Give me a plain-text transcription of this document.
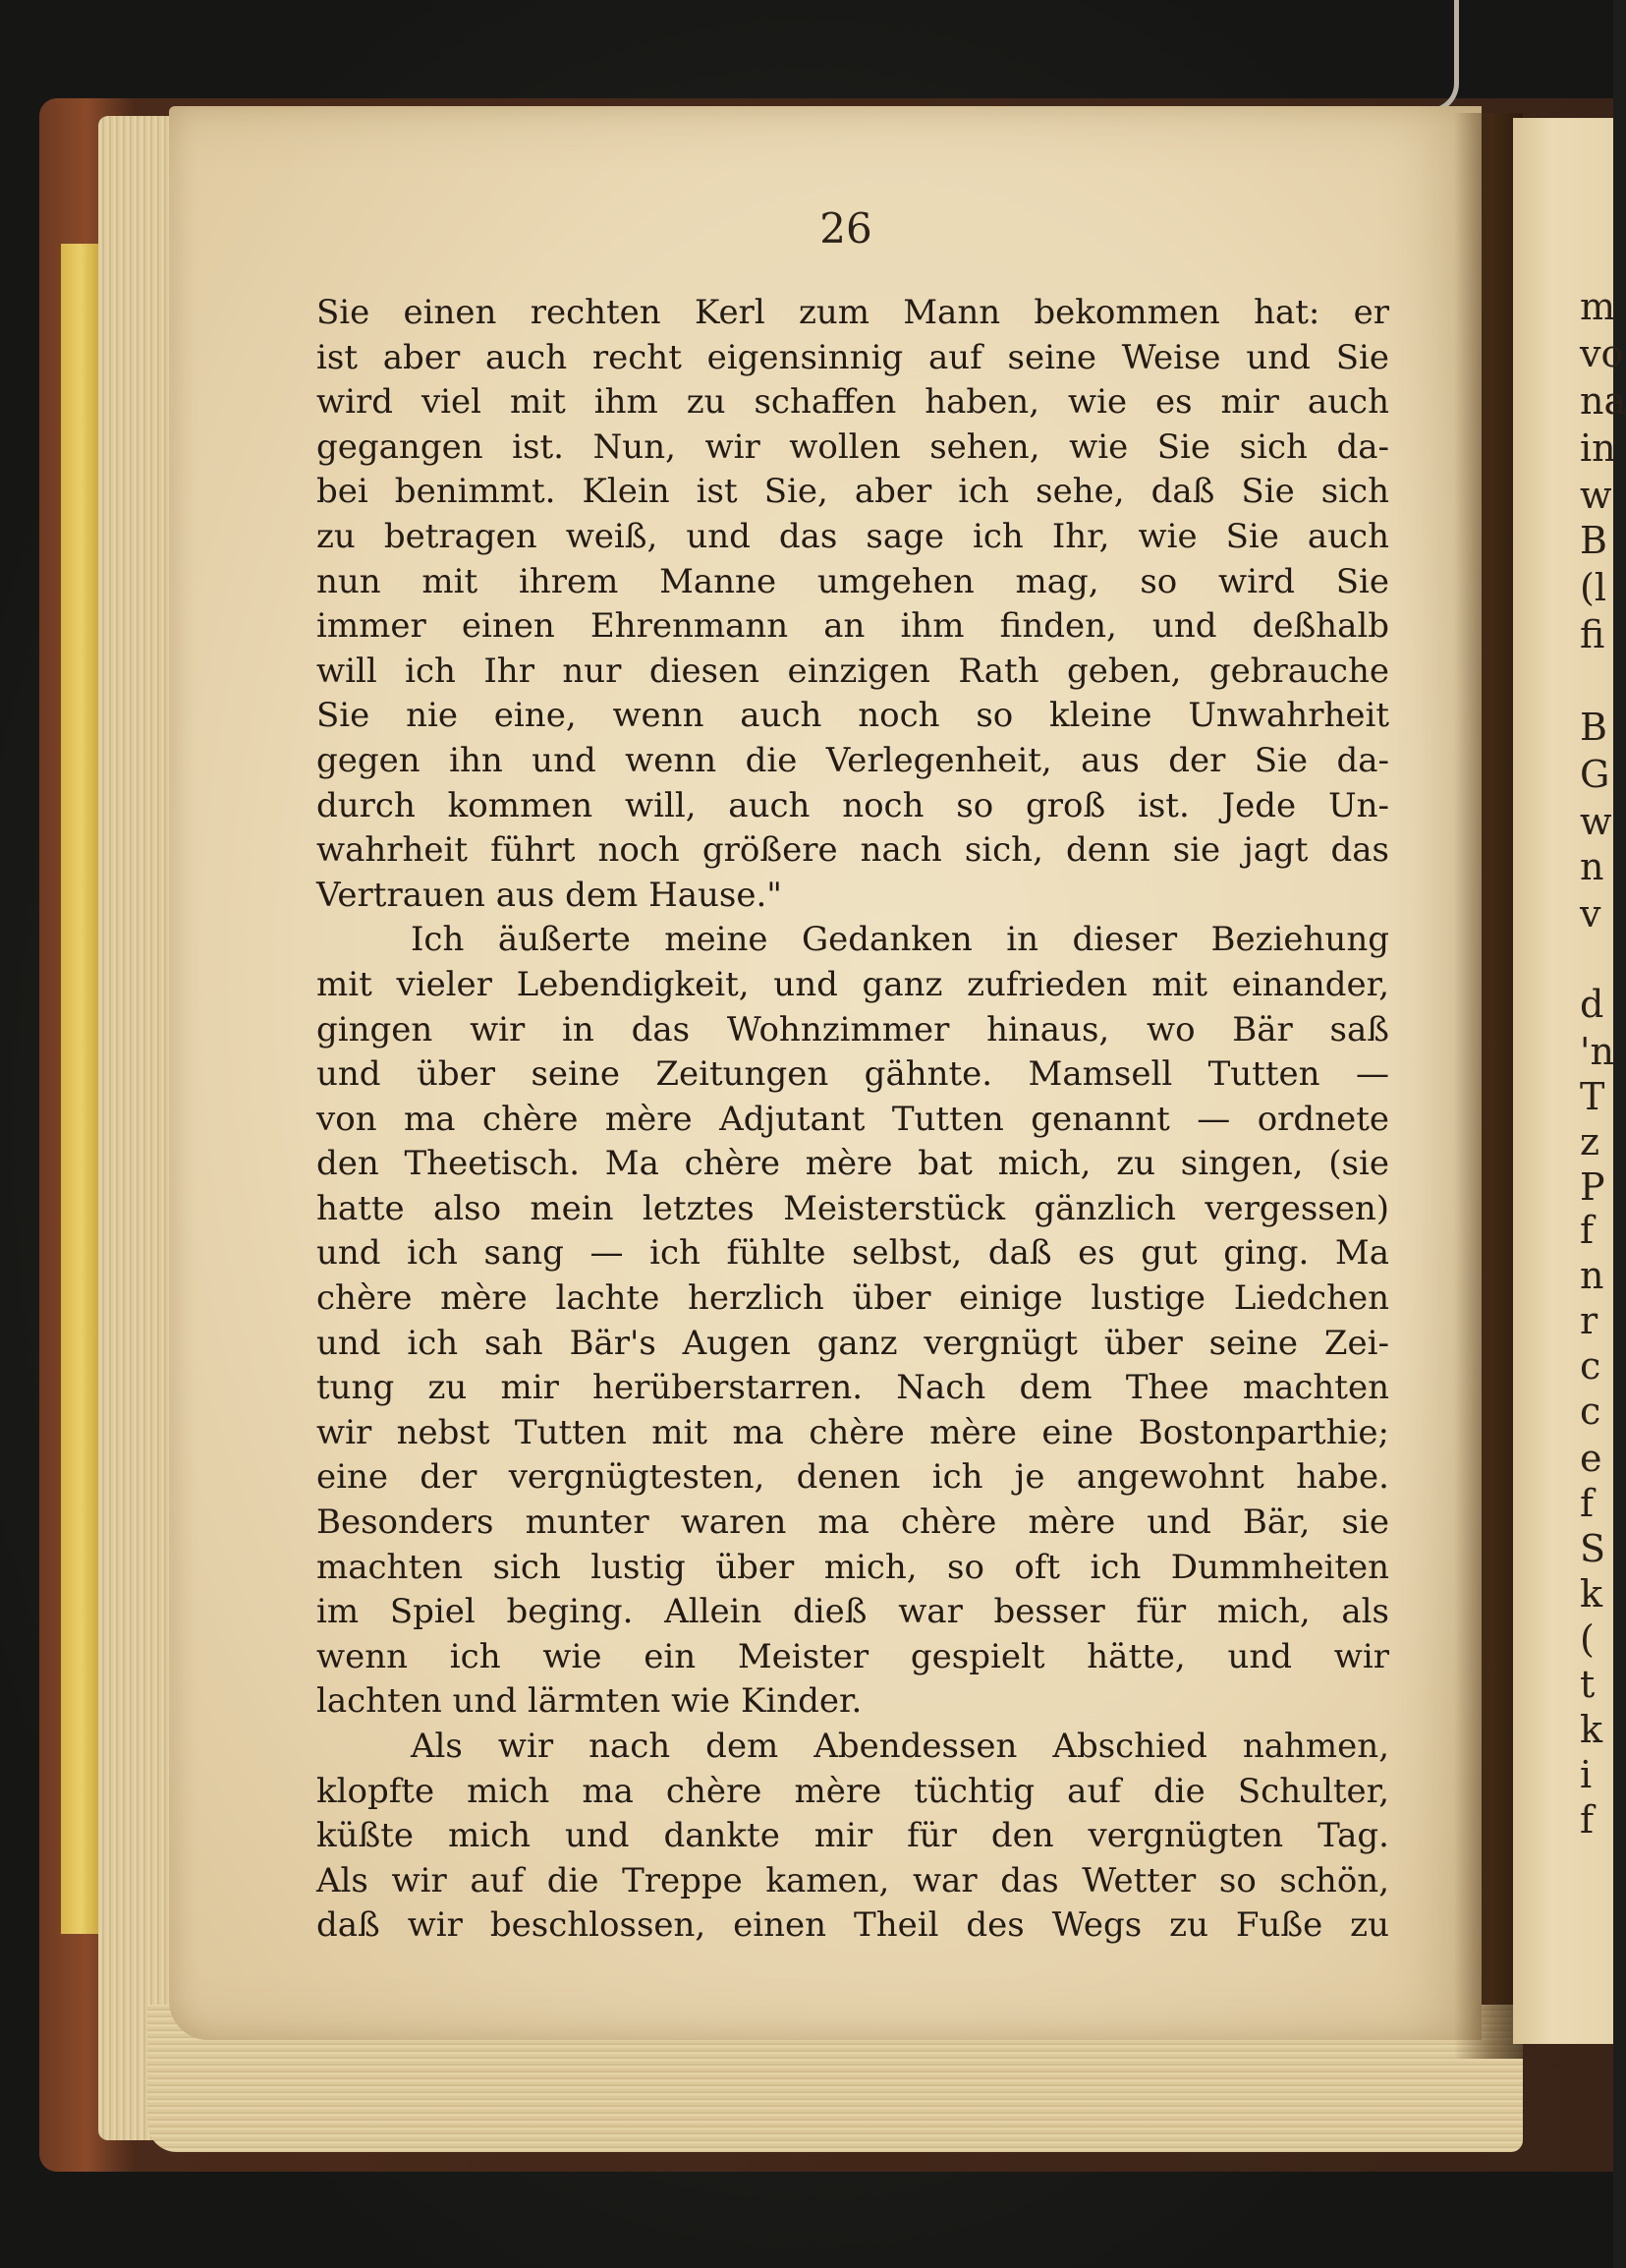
m
vo
na
in
w
B
(l
fi
B
G
w
n
v
d
'n
T
z
P
f
n
r
c
c
e
f
S
k
(
t
k
i
f
26
Sie einen rechten Kerl zum Mann bekommen hat: er
ist aber auch recht eigensinnig auf seine Weise und Sie
wird viel mit ihm zu schaffen haben, wie es mir auch
gegangen ist. Nun, wir wollen sehen, wie Sie sich da-
bei benimmt. Klein ist Sie, aber ich sehe, daß Sie sich
zu betragen weiß, und das sage ich Ihr, wie Sie auch
nun mit ihrem Manne umgehen mag, so wird Sie
immer einen Ehrenmann an ihm finden, und deßhalb
will ich Ihr nur diesen einzigen Rath geben, gebrauche
Sie nie eine, wenn auch noch so kleine Unwahrheit
gegen ihn und wenn die Verlegenheit, aus der Sie da-
durch kommen will, auch noch so groß ist. Jede Un-
wahrheit führt noch größere nach sich, denn sie jagt das
Vertrauen aus dem Hause."
Ich äußerte meine Gedanken in dieser Beziehung
mit vieler Lebendigkeit, und ganz zufrieden mit einander,
gingen wir in das Wohnzimmer hinaus, wo Bär saß
und über seine Zeitungen gähnte. Mamsell Tutten —
von ma chère mère Adjutant Tutten genannt — ordnete
den Theetisch. Ma chère mère bat mich, zu singen, (sie
hatte also mein letztes Meisterstück gänzlich vergessen)
und ich sang — ich fühlte selbst, daß es gut ging. Ma
chère mère lachte herzlich über einige lustige Liedchen
und ich sah Bär's Augen ganz vergnügt über seine Zei-
tung zu mir herüberstarren. Nach dem Thee machten
wir nebst Tutten mit ma chère mère eine Bostonparthie;
eine der vergnügtesten, denen ich je angewohnt habe.
Besonders munter waren ma chère mère und Bär, sie
machten sich lustig über mich, so oft ich Dummheiten
im Spiel beging. Allein dieß war besser für mich, als
wenn ich wie ein Meister gespielt hätte, und wir
lachten und lärmten wie Kinder.
Als wir nach dem Abendessen Abschied nahmen,
klopfte mich ma chère mère tüchtig auf die Schulter,
küßte mich und dankte mir für den vergnügten Tag.
Als wir auf die Treppe kamen, war das Wetter so schön,
daß wir beschlossen, einen Theil des Wegs zu Fuße zu
